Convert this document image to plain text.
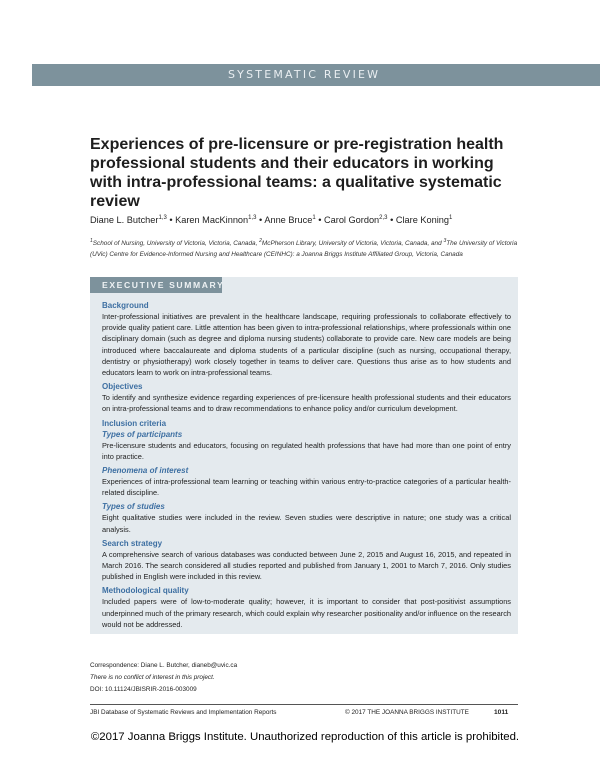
SYSTEMATIC REVIEW
Experiences of pre-licensure or pre-registration health professional students and their educators in working with intra-professional teams: a qualitative systematic review
Diane L. Butcher$^{1,3}$ • Karen MacKinnon$^{1,3}$ • Anne Bruce$^1$ • Carol Gordon$^{2,3}$ • Clare Koning$^1$
$^1$School of Nursing, University of Victoria, Victoria, Canada, $^2$McPherson Library, University of Victoria, Victoria, Canada, and $^3$The University of Victoria (UVic) Centre for Evidence-Informed Nursing and Healthcare (CEINHC): a Joanna Briggs Institute Affiliated Group, Victoria, Canada
EXECUTIVE SUMMARY

Background

Inter-professional initiatives are prevalent in the healthcare landscape, requiring professionals to collaborate effectively to provide quality patient care. Little attention has been given to intra-professional relationships, where professionals within one disciplinary domain (such as degree and diploma nursing students) collaborate to provide care. New care models are being introduced where baccalaureate and diploma students of a particular discipline (such as nursing, occupational therapy, dentistry or physiotherapy) work closely together in teams to deliver care. Questions thus arise as to how students and educators learn to work on intra-professional teams.

Objectives

To identify and synthesize evidence regarding experiences of pre-licensure health professional students and their educators on intra-professional teams and to draw recommendations to enhance policy and/or curriculum development.

Inclusion criteria

Types of participants

Pre-licensure students and educators, focusing on regulated health professions that have had more than one point of entry into practice.

Phenomena of interest

Experiences of intra-professional team learning or teaching within various entry-to-practice categories of a particular health-related discipline.

Types of studies

Eight qualitative studies were included in the review. Seven studies were descriptive in nature; one study was a critical analysis.

Search strategy

A comprehensive search of various databases was conducted between June 2, 2015 and August 16, 2015, and repeated in March 2016. The search considered all studies reported and published from January 1, 2001 to March 7, 2016. Only studies published in English were included in this review.

Methodological quality

Included papers were of low-to-moderate quality; however, it is important to consider that post-positivist assumptions underpinned much of the primary research, which could explain why researcher positionality and/or influence on the research would not be addressed.

Correspondence: Diane L. Butcher, dianeb@uvic.ca
There is no conflict of interest in this project.
DOI: 10.11124/JBISRIR-2016-003009
JBI Database of Systematic Reviews and Implementation Reports	© 2017 THE JOANNA BRIGGS INSTITUTE	1011
©2017 Joanna Briggs Institute. Unauthorized reproduction of this article is prohibited.
